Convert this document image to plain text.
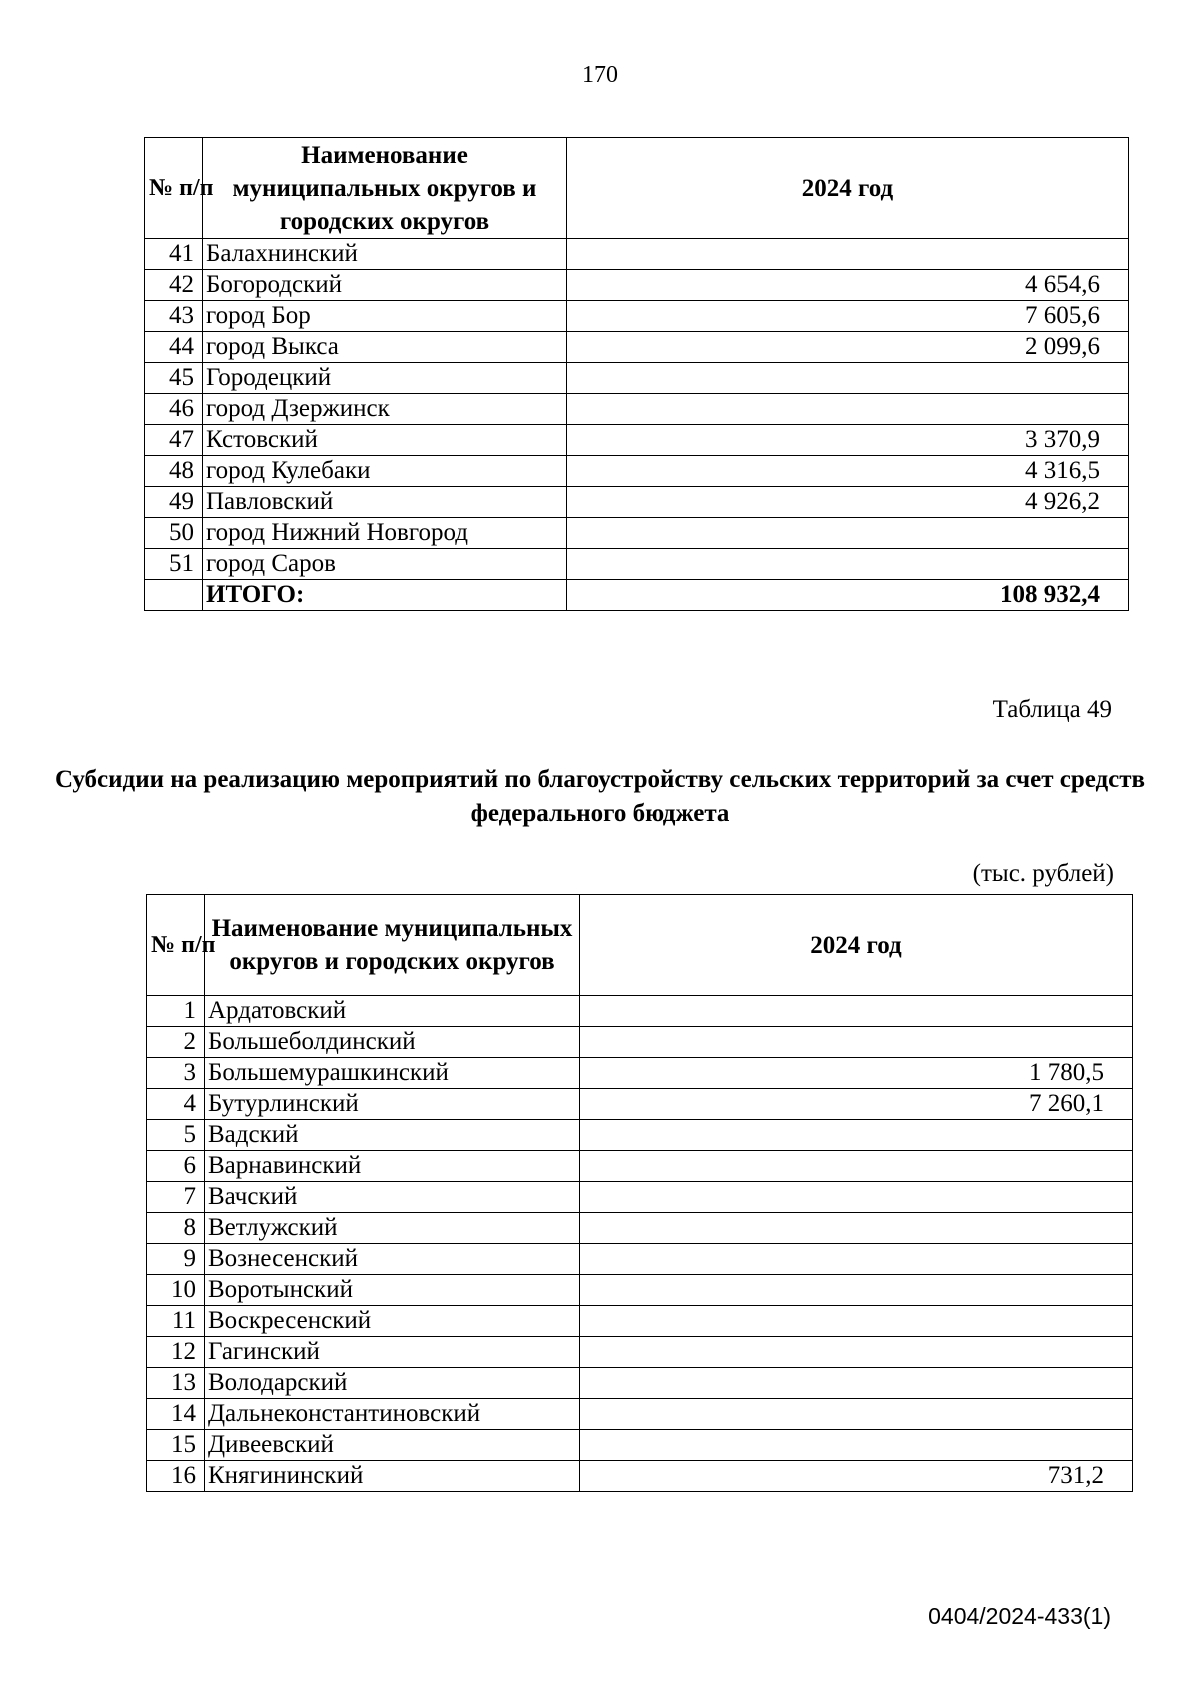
170
№ п/п	Наименование муниципальных округов и городских округов	2024 год
41	Балахнинский	
42	Богородский	4 654,6
43	город Бор	7 605,6
44	город Выкса	2 099,6
45	Городецкий	
46	город Дзержинск	
47	Кстовский	3 370,9
48	город Кулебаки	4 316,5
49	Павловский	4 926,2
50	город Нижний Новгород	
51	город Саров	
	ИТОГО:	108 932,4
Таблица 49
Субсидии на реализацию мероприятий по благоустройству сельских территорий за счет средств федерального бюджета
(тыс. рублей)
№ п/п	Наименование муниципальных округов и городских округов	2024 год
1	Ардатовский	
2	Большеболдинский	
3	Большемурашкинский	1 780,5
4	Бутурлинский	7 260,1
5	Вадский	
6	Варнавинский	
7	Вачский	
8	Ветлужский	
9	Вознесенский	
10	Воротынский	
11	Воскресенский	
12	Гагинский	
13	Володарский	
14	Дальнеконстантиновский	
15	Дивеевский	
16	Княгининский	731,2
0404/2024-433(1)
